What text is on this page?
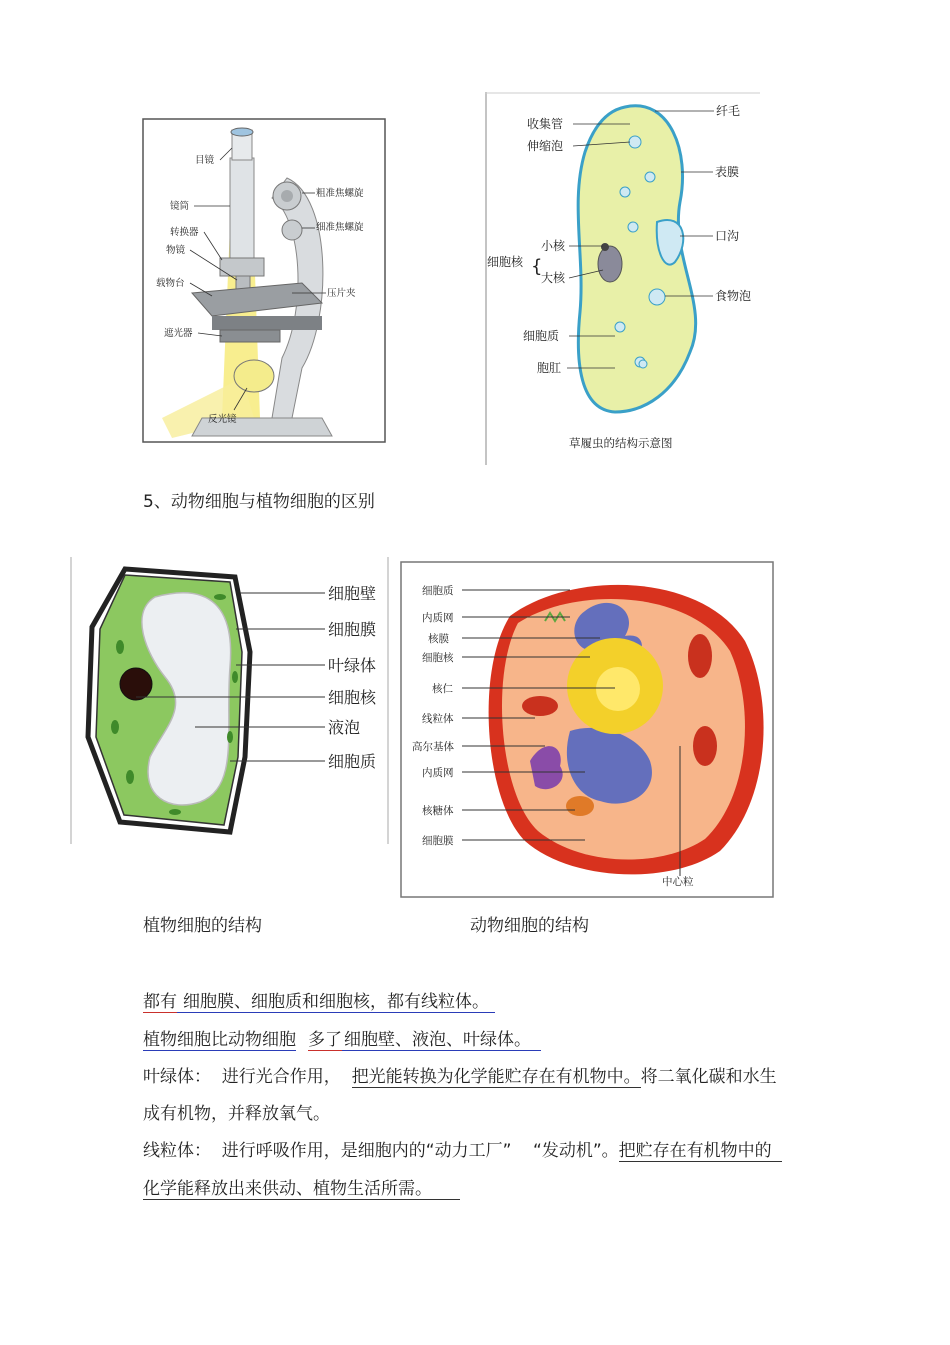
目镜
镜筒
粗准焦螺旋
细准焦螺旋
转换器
物镜
载物台
压片夹
遮光器
反光镜
收集管
伸缩泡
细胞核 {
小核
大核
细胞质
胞肛
纤毛
表膜
口沟
食物泡
草履虫的结构示意图
5、动物细胞与植物细胞的区别
细胞壁
细胞膜
叶绿体
细胞核
液泡
细胞质
细胞质
内质网
核膜
细胞核
核仁
线粒体
高尔基体
内质网
核糖体
细胞膜
中心粒
植物细胞的结构	动物细胞的结构
都有 细胞膜、细胞质和细胞核，都有线粒体。
植物细胞比动物细胞 多了 细胞壁、液泡、叶绿体。
叶绿体：  进行光合作用，  把光能转换为化学能贮存在有机物中。将二氧化碳和水生
成有机物，并释放氧气。
线粒体：  进行呼吸作用，是细胞内的“动力工厂”    “发动机”。把贮存在有机物中的
化学能释放出来供动、植物生活所需。
